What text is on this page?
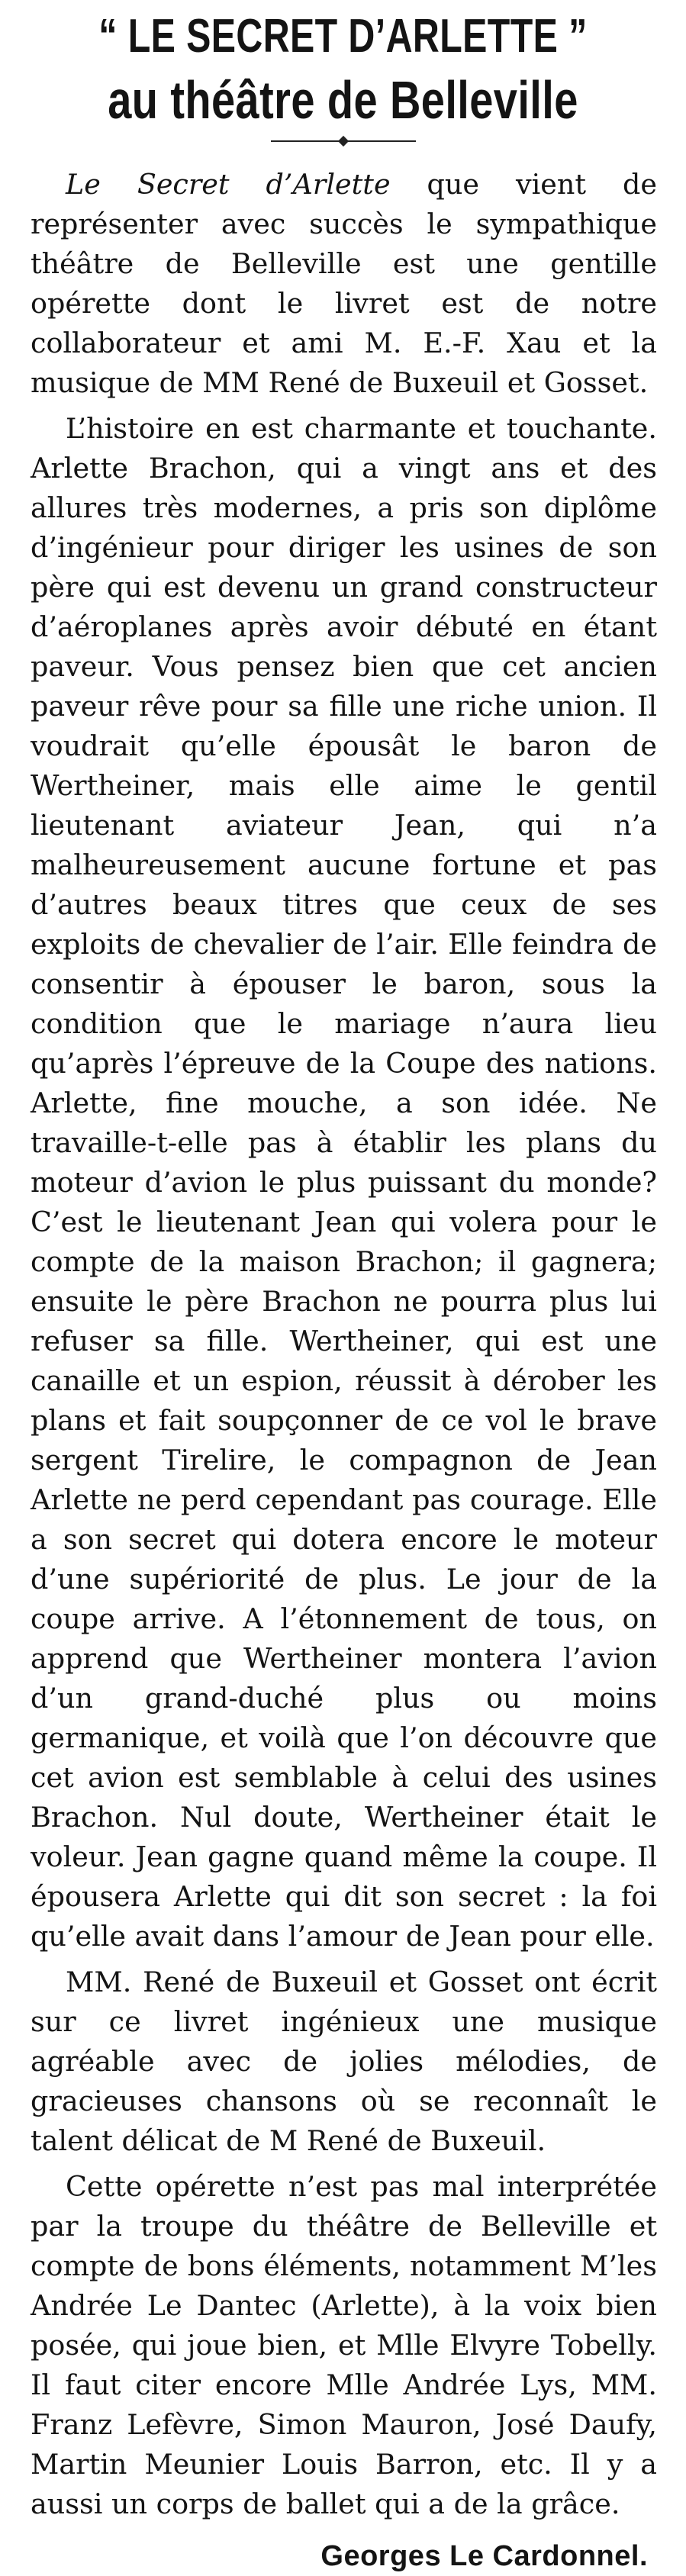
“ LE SECRET D’ARLETTE ”
au théâtre de Belleville

Le Secret d’Arlette que vient de représenter avec succès le sympathique théâtre de Belleville est une gentille opérette dont le livret est de notre collaborateur et ami M. E.-F. Xau et la musique de MM René de Buxeuil et Gosset.

L’histoire en est charmante et touchante. Arlette Brachon, qui a vingt ans et des allures très modernes, a pris son diplôme d’ingénieur pour diriger les usines de son père qui est devenu un grand constructeur d’aéroplanes après avoir débuté en étant paveur. Vous pensez bien que cet ancien paveur rêve pour sa fille une riche union. Il voudrait qu’elle épousât le baron de Wertheiner, mais elle aime le gentil lieutenant aviateur Jean, qui n’a malheureusement aucune fortune et pas d’autres beaux titres que ceux de ses exploits de chevalier de l’air. Elle feindra de consentir à épouser le baron, sous la condition que le mariage n’aura lieu qu’après l’épreuve de la Coupe des nations. Arlette, fine mouche, a son idée. Ne travaille-t-elle pas à établir les plans du moteur d’avion le plus puissant du monde? C’est le lieutenant Jean qui volera pour le compte de la maison Brachon; il gagnera; ensuite le père Brachon ne pourra plus lui refuser sa fille. Wertheiner, qui est une canaille et un espion, réussit à dérober les plans et fait soupçonner de ce vol le brave sergent Tirelire, le compagnon de Jean Arlette ne perd cependant pas courage. Elle a son secret qui dotera encore le moteur d’une supériorité de plus. Le jour de la coupe arrive. A l’étonnement de tous, on apprend que Wertheiner montera l’avion d’un grand-duché plus ou moins germanique, et voilà que l’on découvre que cet avion est semblable à celui des usines Brachon. Nul doute, Wertheiner était le voleur. Jean gagne quand même la coupe. Il épousera Arlette qui dit son secret : la foi qu’elle avait dans l’amour de Jean pour elle.

MM. René de Buxeuil et Gosset ont écrit sur ce livret ingénieux une musique agréable avec de jolies mélodies, de gracieuses chansons où se reconnaît le talent délicat de M René de Buxeuil.

Cette opérette n’est pas mal interprétée par la troupe du théâtre de Belleville et compte de bons éléments, notamment M’les Andrée Le Dantec (Arlette), à la voix bien posée, qui joue bien, et Mlle Elvyre Tobelly. Il faut citer encore Mlle Andrée Lys, MM. Franz Lefèvre, Simon Mauron, José Daufy, Martin Meunier Louis Barron, etc. Il y a aussi un corps de ballet qui a de la grâce.

Georges Le Cardonnel.
